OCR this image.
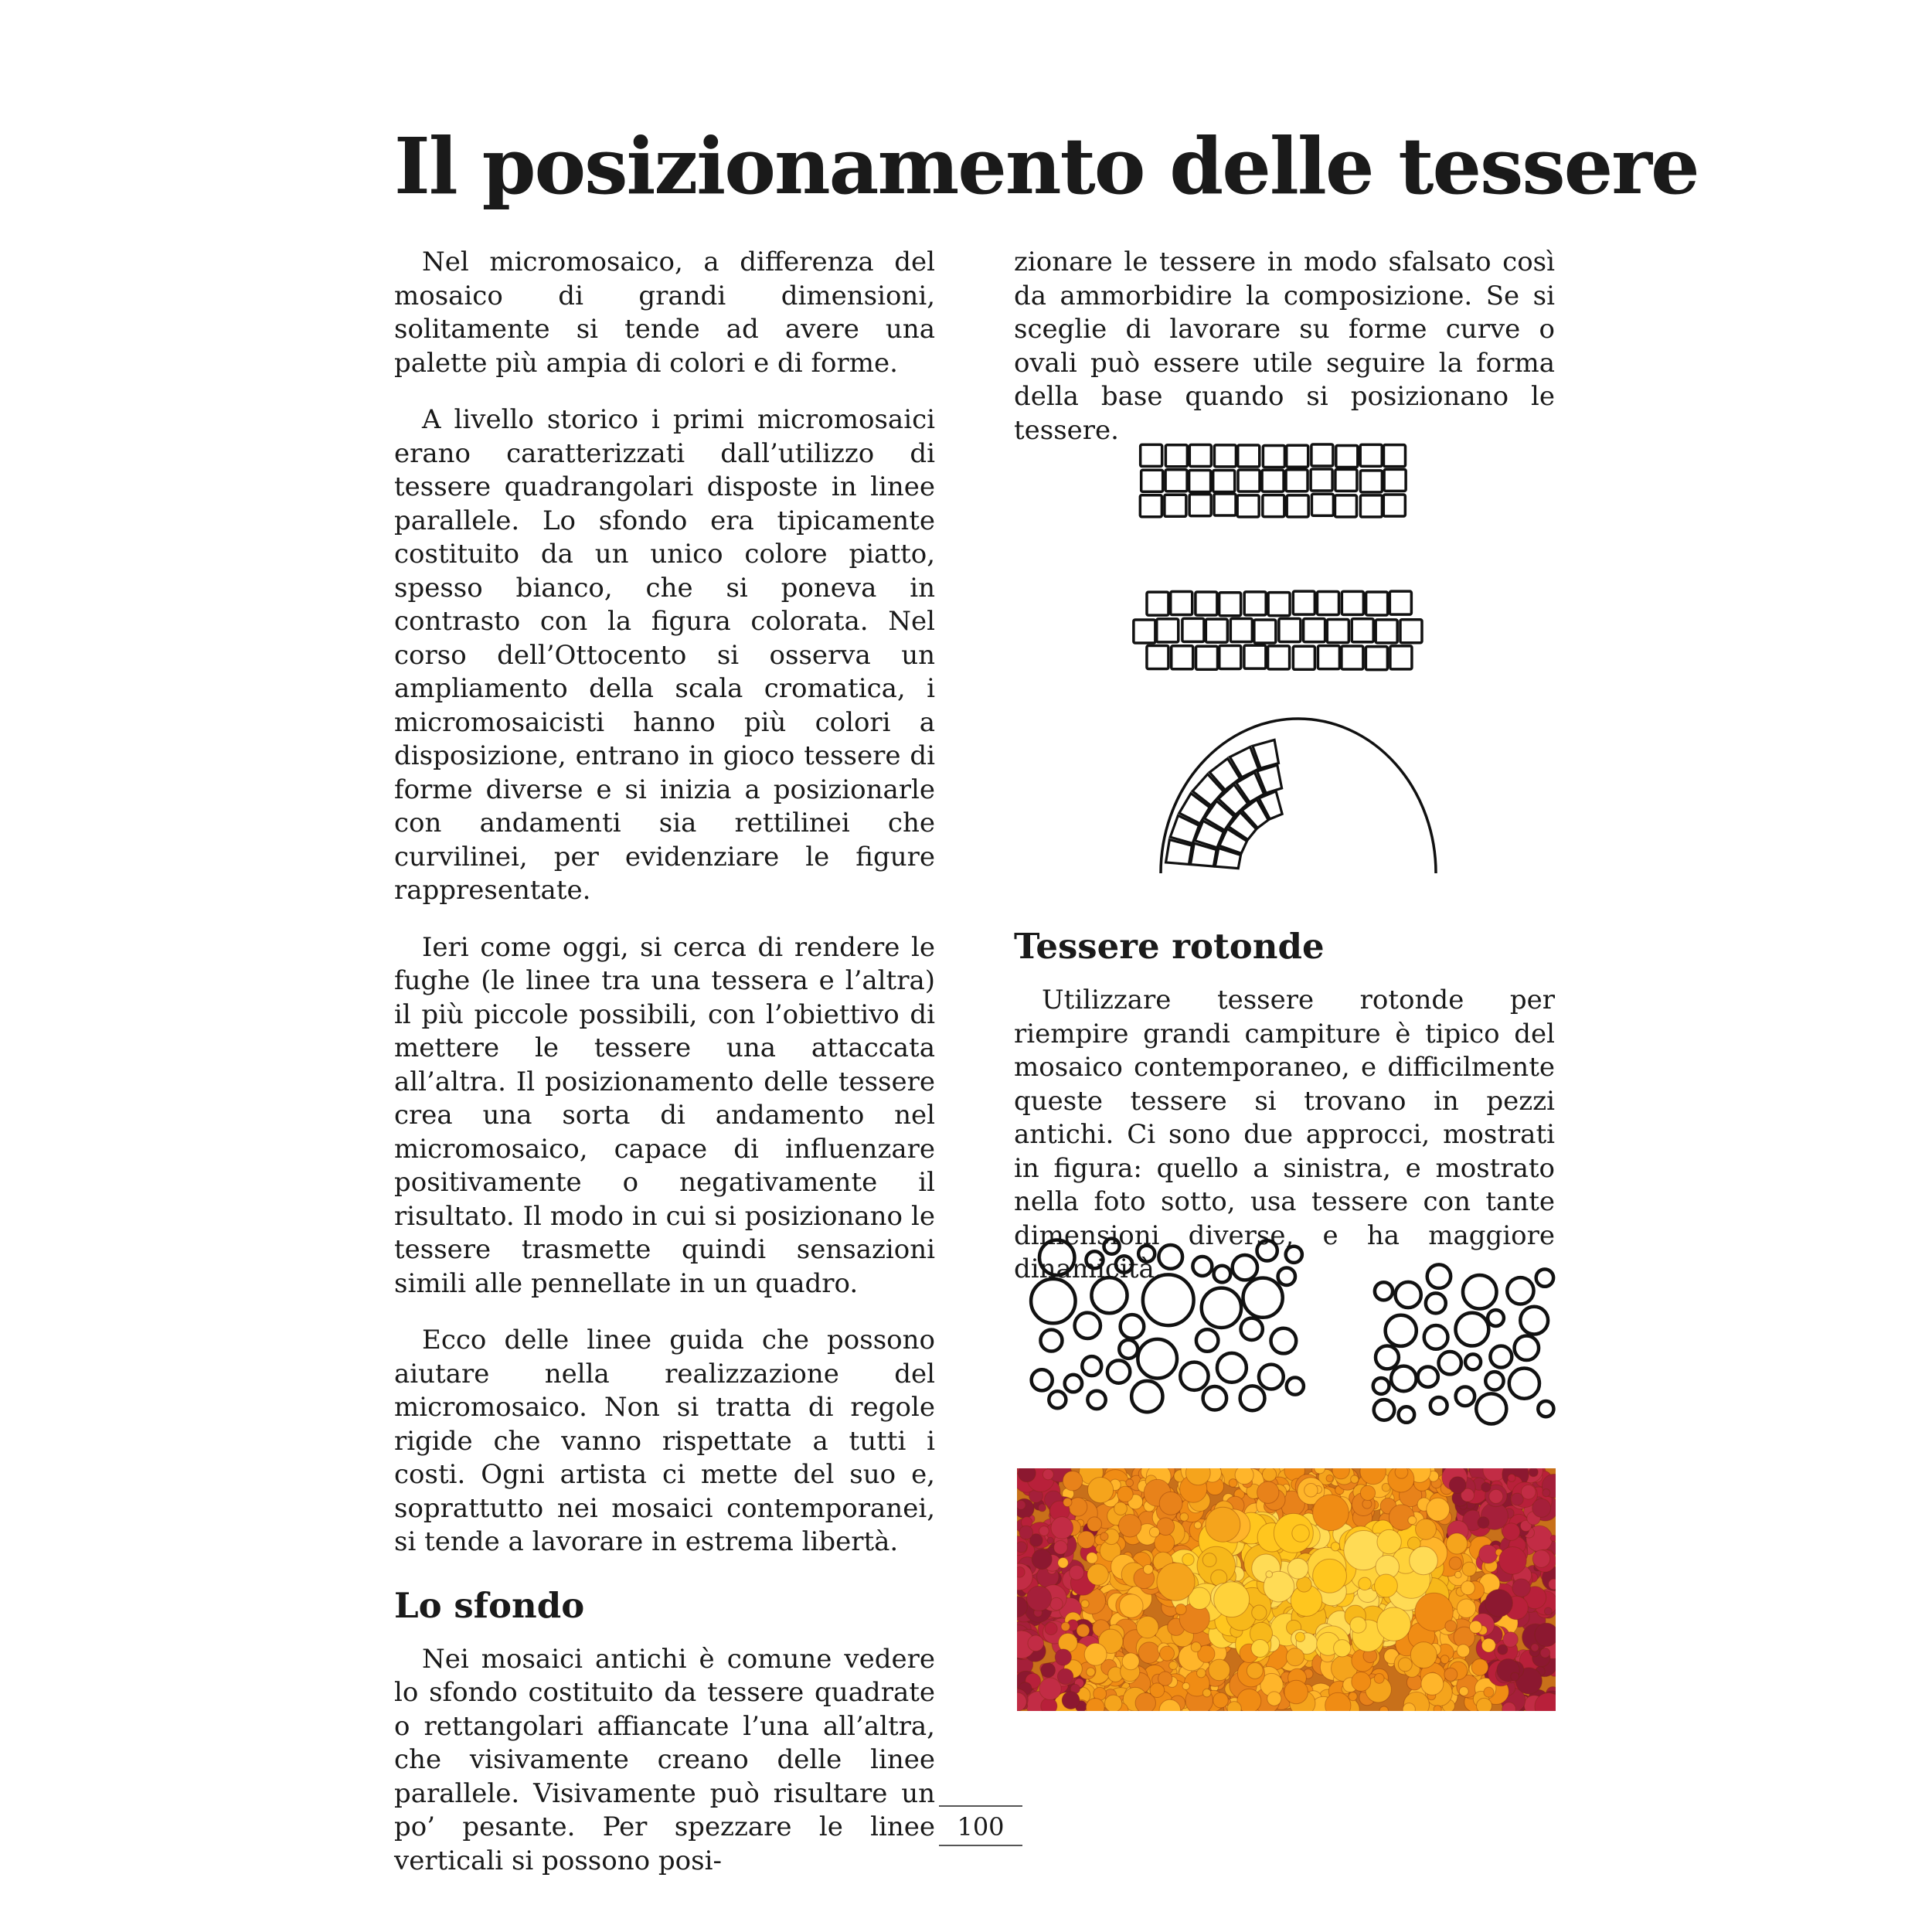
Il posizionamento delle tessere

Nel micromosaico, a differenza del mosaico di grandi dimensioni, solitamente si tende ad avere una palette più ampia di colori e di forme.

A livello storico i primi micromosaici erano caratterizzati dall’utilizzo di tessere quadrangolari disposte in linee parallele. Lo sfondo era tipicamente costituito da un unico colore piatto, spesso bianco, che si poneva in contrasto con la figura colorata. Nel corso dell’Ottocento si osserva un ampliamento della scala cromatica, i micromosaicisti hanno più colori a disposizione, entrano in gioco tessere di forme diverse e si inizia a posizionarle con andamenti sia rettilinei che curvilinei, per evidenziare le figure rappresentate.

Ieri come oggi, si cerca di rendere le fughe (le linee tra una tessera e l’altra) il più piccole possibili, con l’obiettivo di mettere le tessere una attaccata all’altra. Il posizionamento delle tessere crea una sorta di andamento nel micromosaico, capace di influenzare positivamente o negativamente il risultato. Il modo in cui si posizionano le tessere trasmette quindi sensazioni simili alle pennellate in un quadro.

Ecco delle linee guida che possono aiutare nella realizzazione del micromosaico. Non si tratta di regole rigide che vanno rispettate a tutti i costi. Ogni artista ci mette del suo e, soprattutto nei mosaici contemporanei, si tende a lavorare in estrema libertà.

Lo sfondo

Nei mosaici antichi è comune vedere lo sfondo costituito da tessere quadrate o rettangolari affiancate l’una all’altra, che visivamente creano delle linee parallele. Visivamente può risultare un po’ pesante. Per spezzare le linee verticali si possono posi-

zionare le tessere in modo sfalsato così da ammorbidire la composizione. Se si sceglie di lavorare su forme curve o ovali può essere utile seguire la forma della base quando si posizionano le tessere.

Tessere rotonde

Utilizzare tessere rotonde per riempire grandi campiture è tipico del mosaico contemporaneo, e difficilmente queste tessere si trovano in pezzi antichi. Ci sono due approcci, mostrati in figura: quello a sinistra, e mostrato nella foto sotto, usa tessere con tante dimensioni diverse, e ha maggiore dinamicità.

100
